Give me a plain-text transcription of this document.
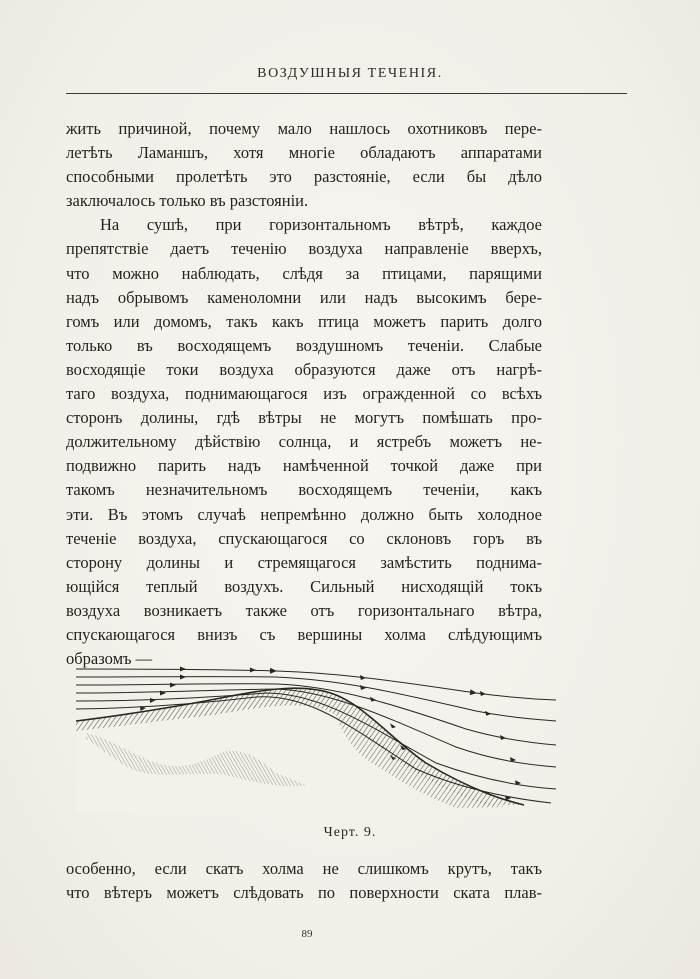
ВОЗДУШНЫЯ ТЕЧЕНІЯ.
жить причиной, почему мало нашлось охотниковъ пере-
летѣть Ламаншъ, хотя многіе обладаютъ аппаратами
способными пролетѣть это разстояніе, если бы дѣло
заключалось только въ разстояніи.
На сушѣ, при горизонтальномъ вѣтрѣ, каждое
препятствіе даетъ теченію воздуха направленіе вверхъ,
что можно наблюдать, слѣдя за птицами, парящими
надъ обрывомъ каменоломни или надъ высокимъ бере-
гомъ или домомъ, такъ какъ птица можетъ парить долго
только въ восходящемъ воздушномъ теченіи. Слабые
восходящіе токи воздуха образуются даже отъ нагрѣ-
таго воздуха, поднимающагося изъ огражденной со всѣхъ
сторонъ долины, гдѣ вѣтры не могутъ помѣшать про-
должительному дѣйствію солнца, и ястребъ можетъ не-
подвижно парить надъ намѣченной точкой даже при
такомъ незначительномъ восходящемъ теченіи, какъ
эти. Въ этомъ случаѣ непремѣнно должно быть холодное
теченіе воздуха, спускающагося со склоновъ горъ въ
сторону долины и стремящагося замѣстить поднима-
ющійся теплый воздухъ. Сильный нисходящій токъ
воздуха возникаетъ также отъ горизонтальнаго вѣтра,
спускающагося внизъ съ вершины холма слѣдующимъ
образомъ —
Черт. 9.
особенно, если скатъ холма не слишкомъ крутъ, такъ
что вѣтеръ можетъ слѣдовать по поверхности ската плав-
89
